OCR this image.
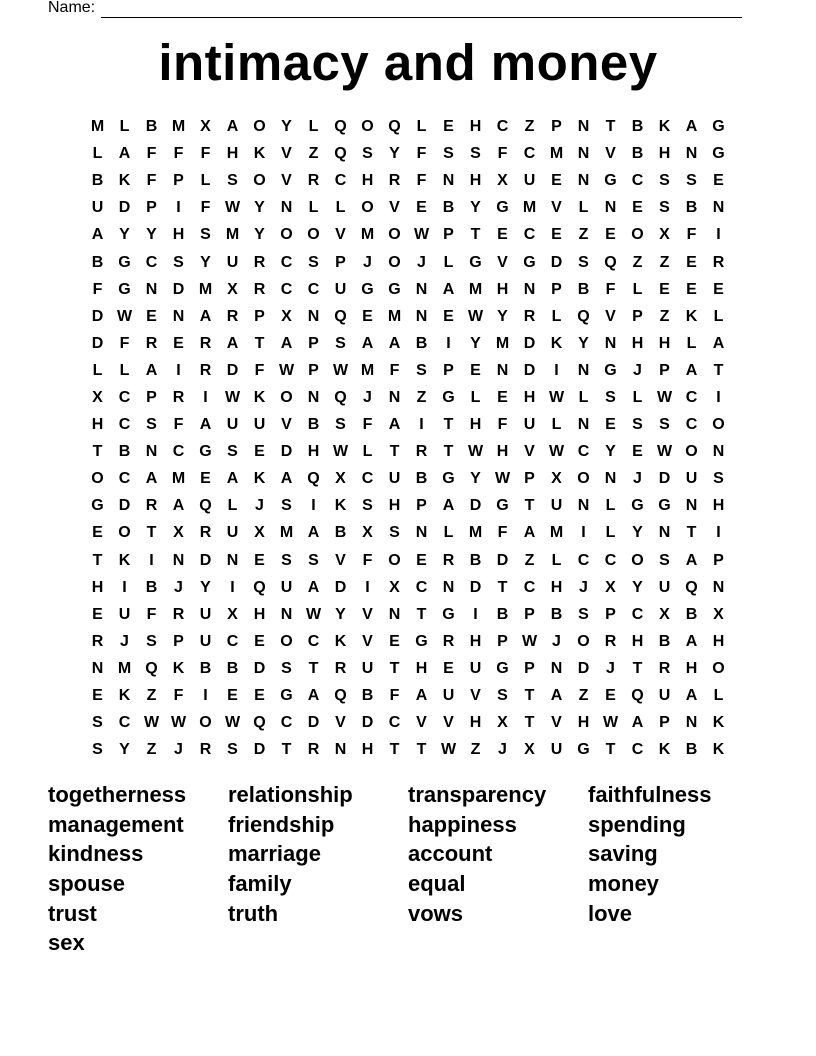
Name:
intimacy and money
M L	B M X A O Y	L Q O Q L	E H C	Z	P N	T	B K A G
L	A	F	F	F	H K V	Z Q S	Y	F	S	S	F	C M N V B H N G
B K	F	P	L	S O V R C H R	F	N H X U E N G C S	S	E
U D P	I	F W Y N	L	L O V	E B Y G M V	L	N E	S B N
A Y	Y H S M Y O O V M O W P	T	E C E	Z	E O X	F	I
B G C S	Y U R C S	P	J	O	J	L G V G D S Q Z	Z	E R
F G N D M X R C C U G G N A M H N P B	F	L	E	E	E
D W E N A R P	X N Q E M N E W Y R	L Q V	P	Z	K	L
D	F	R E R A	T	A P	S A A B	I	Y M D K Y N H H	L	A
L	L	A	I	R D	F W P W M F	S	P	E N D	I	N G	J	P A	T
X C P R	I	W K O N Q	J	N	Z G L	E H W L	S	L W C	I
H C S	F	A U U V B S	F	A	I	T	H	F	U	L	N E	S	S C O
T	B N C G S	E D H W L	T	R	T W H V W C Y	E W O N
O C A M E A K A Q X C U B G Y W P	X O N	J	D U S
G D R A Q L	J	S	I	K S H P A D G T	U N	L G G N H
E O T	X R U X M A B X	S N	L M F	A M	I	L	Y N	T	I
T	K	I	N D N E	S	S	V	F O E R B D	Z	L	C C O S A P
H	I	B	J	Y	I	Q U A D	I	X C N D	T	C H	J	X	Y U Q N
E U	F	R U X H N W Y	V N	T G	I	B P B S	P C X B X
R	J	S	P U C E O C K V	E G R H P W J	O R H B A H
N M Q K B B D S	T	R U	T	H E U G P N D	J	T	R H O
E K	Z	F	I	E	E G A Q B	F	A U V	S	T	A	Z	E Q U A	L
S C W W O W Q C D V D C V	V H X	T	V H W A P N K
S	Y	Z	J	R S D	T	R N H	T	T W Z	J	X U G T	C K B K
togetherness	relationship	transparency	faithfulness
management	friendship	happiness	spending
kindness	marriage	account	saving
spouse	family	equal	money
trust	truth	vows	love
sex
